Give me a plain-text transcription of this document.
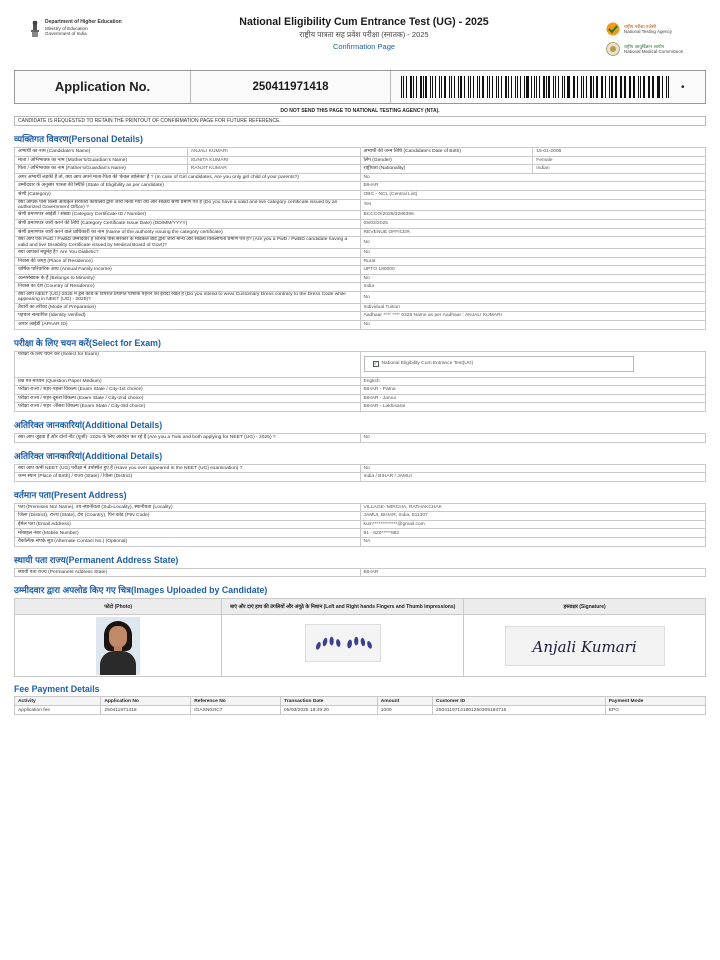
Department of Higher Education
Ministry of Education
Government of India
National Eligibility Cum Entrance Test (UG) - 2025
राष्ट्रीय पात्रता सह प्रवेश परीक्षा (स्नातक) - 2025
Confirmation Page
राष्ट्रीय परीक्षा एजेंसी
National Testing Agency
राष्ट्रीय आयुर्विज्ञान आयोग
National Medical Commission
Application No.	250411971418	•
DO NOT SEND THIS PAGE TO NATIONAL TESTING AGENCY (NTA).
CANDIDATE IS REQUESTED TO RETAIN THE PRINTOUT OF CONFIRMATION PAGE FOR FUTURE REFERENCE.
व्यक्तिगत विवरण(Personal Details)
अभ्यर्थी का नाम (Candidate's Name)	ANJALI KUMARI	अभ्यर्थी की जन्म तिथि (Candidate's Date of Birth)	15-01-2008
माता / अभिभावक का नाम (Mother's/Guardian's Name)	SUNITA KUMARI	लिंग (Gender)	Female
पिता / अभिभावक का नाम (Father's/Guardian's Name)	RANJIT KUMAR	राष्ट्रीयता (Nationality)	Indian
अगर अभ्यर्थी लड़की है तो, क्या आप अपने माता-पिता की 'केवल बालिका' है ? (In case of Girl candidates, Are you only girl child of your parents?)		No	
उम्मीदवार के अनुसार पात्रता की स्थिति (State of Eligibility as per candidate)		BIHAR	
श्रेणी (Category)		OBC - NCL (Central List)	
क्या आपके पास किसी अधिकृत सरकारी कार्यालय द्वारा जारी किया गया वैध और सक्रिय श्रेणी प्रमाण पत्र है (Do you have a valid and live category certificate issued by an authorized Government Office) ?		Yes	
श्रेणी प्रमाणपत्र आईडी / संख्या (Category Certificate ID / Number)		BCCCO/2025/3286396	
श्रेणी प्रमाणपत्र जारी करने की तिथि (Category Certificate Issue Date) (DD/MM/YYYY)		05/03/2025	
श्रेणी प्रमाणपत्र जारी करने वाले प्राधिकारी का नाम (Name of the authority issuing the category certificate)		REVENUE OFFICER	
क्या आप एक PwD / PwBD उम्मीदवार है जिनके पास सरकार के मेडिकल बोर्ड द्वारा जारी मान्य और सक्रिय विकलांगता प्रमाण पत्र है? (Are you a PwD / PwBD candidate having a valid and live Disability Certificate issued by Medical Board of Govt)?		No	
क्या आपको मधुमेह है? Are You Diabetic?		No	
निवास की जगह (Place of Residence)		Rural	
वार्षिक पारिवारिक आय (Annual Family Income)		UPTO 180000	
अल्पसंख्यक के हैं (Belongs to Minority)		No	
निवास का देश (Country of Residence)		India	
क्या आप NEET (UG)-2025 में ड्रेस कोड के विपरीत प्रथागत पोशाक पहनने का इरादा रखते हैं (Do you intend to wear Customary Dress contrary to the Dress Code while appearing in NEET (UG) - 2025)?		No	
तैयारी का तरीका (Mode of Preparation)		Individual Tuition	
पहचान सत्यापित (Identity Verified)		Aadhaar **** **** 0325 Name as per Aadhaar : ANJALI KUMARI	
अपार आईडी (APAAR ID)		No	
परीक्षा के लिए चयन करें(Select for Exam)
परीक्षा के लिए चयन करें (Select for Exam)	✓ National Eligibility Cum Entrance Test(UG)

प्रश्न पत्र माध्यम (Question Paper Medium)	English
परीक्षा राज्य / शहर-पहला विकल्प (Exam State / City-1st choice)	BIHAR - Patna
परीक्षा राज्य / शहर-दूसरा विकल्प (Exam State / City-2nd choice)	BIHAR - Jamui
परीक्षा राज्य / शहर -तीसरा विकल्प (Exam State / City-3rd choice)	BIHAR - Lakhisarai
अतिरिक्त जानकारियां(Additional Details)
क्या आप जुड़वा है और दोनों नीट (यूजी)- 2025 के लिए आवेदन कर रहे हैं (Are you a Twin and both applying for NEET (UG) - 2025) ?	No
अतिरिक्त जानकारियां(Additional Details)
क्या आप कभी NEET (UG) परीक्षा में उपस्थित हुए है (Have you ever appeared in the NEET (UG) examination) ?	No
जन्म स्थान (Place of Birth) / राज्य (State) / जिला (District)	India / BIHAR / JAMUI
वर्तमान पता(Present Address)
पता (Premises No/ Name), उप-स्थानीयता (Sub-Locality), स्थानीयता (Locality)	VILLAGE- MIRCHA, RATHAKCHAK
जिला (District), राज्य (State), देश (Country), पिन कोड (PIN Code)	JAMUI, BIHAR, India, 811307
ईमेल पता (Email Address)	kum*************@gmail.com
मोबाइल नंबर (Mobile Number)	91 - 620*****882
वैकल्पिक संपर्क सूत्र (Alternate Contact No.) (Optional)	NA
स्थायी पता राज्य(Permanent Address State)
स्थायी पता राज्य (Permanent Address State)	BIHAR
उम्मीदवार द्वारा अपलोड किए गए चित्र(Images Uploaded by Candidate)
फोटो (Photo)	बाएं और दाएं हाथ की उंगलियों और अंगूठे के निशान (Left and Right hands Fingers and Thumb impressions)	हस्ताक्षर (Signature)

Anjali Kumari
Fee Payment Details
Activity	Application No	Reference No	Transaction Date	Amount	Customer ID	Payment Mode
Application fee	250411971418	IGASN02IC7	05/03/2025 18:49:20	1000	25041197141801250305194716	EPG
